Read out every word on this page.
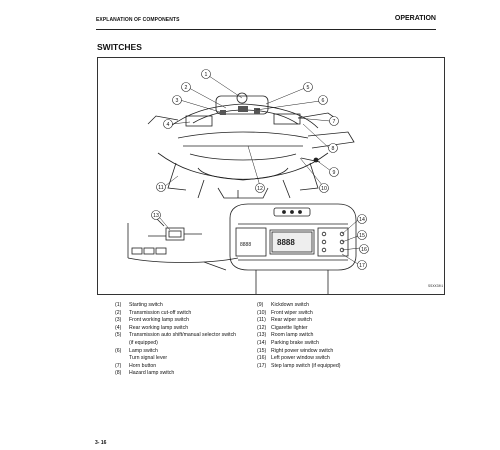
EXPLANATION OF COMPONENTS	OPERATION
SWITCHES
8888
8888
1
2
3
4
5
6
7
8
9
10
11	12
13
14
15
16
17
SSXX301
(1)	Starting switch
(2)	Transmission cut-off switch
(3)	Front working lamp switch
(4)	Rear working lamp switch
(5)	Transmission auto shift/manual selector switch
(if equipped)
(6)	Lamp switch
Turn signal lever
(7)	Horn button
(8)	Hazard lamp switch
(9)	Kickdown switch
(10) Front wiper switch
(11) Rear wiper switch
(12) Cigarette lighter
(13) Room lamp switch
(14) Parking brake switch
(15) Right power window switch
(16) Left power window switch
(17) Step lamp switch (if equipped)
3- 16
